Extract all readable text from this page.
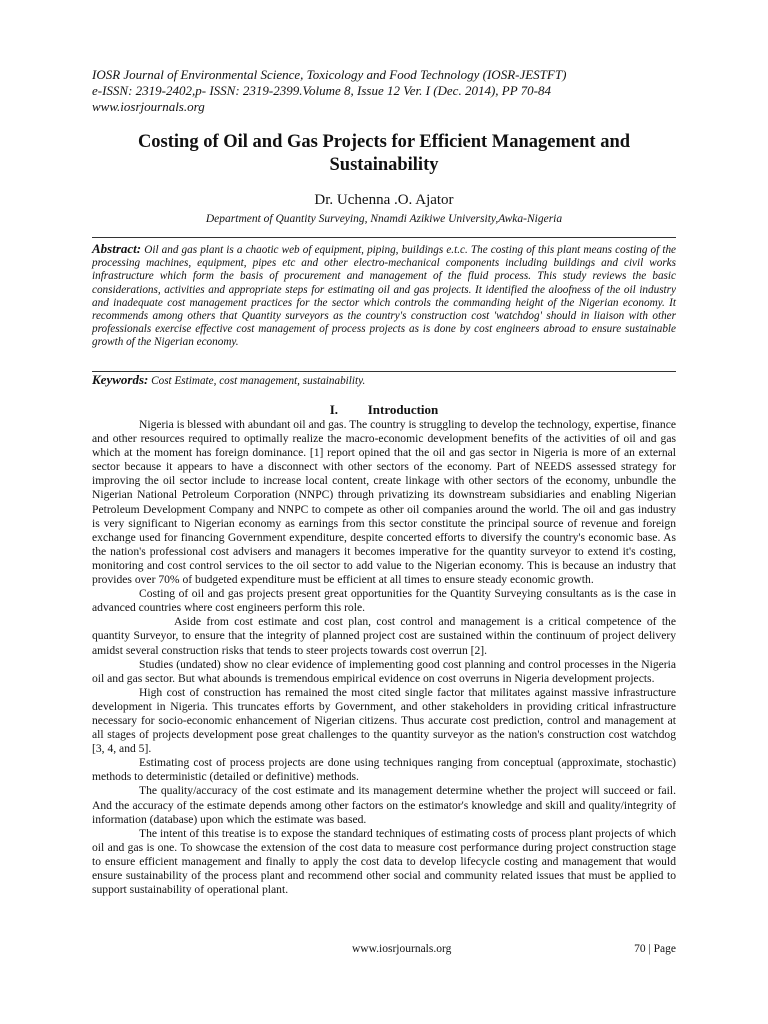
IOSR Journal of Environmental Science, Toxicology and Food Technology (IOSR-JESTFT)
e-ISSN: 2319-2402,p- ISSN: 2319-2399.Volume 8, Issue 12 Ver. I (Dec. 2014), PP 70-84
www.iosrjournals.org
Costing of Oil and Gas Projects for Efficient Management and Sustainability
Dr. Uchenna .O. Ajator
Department of Quantity Surveying, Nnamdi Azikiwe University,Awka-Nigeria

Abstract: Oil and gas plant is a chaotic web of equipment, piping, buildings e.t.c. The costing of this plant means costing of the processing machines, equipment, pipes etc and other electro-mechanical components including buildings and civil works infrastructure which form the basis of procurement and management of the fluid process. This study reviews the basic considerations, activities and appropriate steps for estimating oil and gas projects. It identified the aloofness of the oil industry and inadequate cost management practices for the sector which controls the commanding height of the Nigerian economy. It recommends among others that Quantity surveyors as the country's construction cost 'watchdog' should in liaison with other professionals exercise effective cost management of process projects as is done by cost engineers abroad to ensure sustainable growth of the Nigerian economy.

Keywords: Cost Estimate, cost management, sustainability.
I. Introduction

Nigeria is blessed with abundant oil and gas. The country is struggling to develop the technology, expertise, finance and other resources required to optimally realize the macro-economic development benefits of the activities of oil and gas which at the moment has foreign dominance. [1] report opined that the oil and gas sector in Nigeria is more of an external sector because it appears to have a disconnect with other sectors of the economy. Part of NEEDS assessed strategy for improving the oil sector include to increase local content, create linkage with other sectors of the economy, unbundle the Nigerian National Petroleum Corporation (NNPC) through privatizing its downstream subsidiaries and enabling Nigerian Petroleum Development Company and NNPC to compete as other oil companies around the world. The oil and gas industry is very significant to Nigerian economy as earnings from this sector constitute the principal source of revenue and foreign exchange used for financing Government expenditure, despite concerted efforts to diversify the country's economic base. As the nation's professional cost advisers and managers it becomes imperative for the quantity surveyor to extend it's costing, monitoring and cost control services to the oil sector to add value to the Nigerian economy. This is because an industry that provides over 70% of budgeted expenditure must be efficient at all times to ensure steady economic growth.

Costing of oil and gas projects present great opportunities for the Quantity Surveying consultants as is the case in advanced countries where cost engineers perform this role.

Aside from cost estimate and cost plan, cost control and management is a critical competence of the quantity Surveyor, to ensure that the integrity of planned project cost are sustained within the continuum of project delivery amidst several construction risks that tends to steer projects towards cost overrun [2].

Studies (undated) show no clear evidence of implementing good cost planning and control processes in the Nigeria oil and gas sector. But what abounds is tremendous empirical evidence on cost overruns in Nigeria development projects.

High cost of construction has remained the most cited single factor that militates against massive infrastructure development in Nigeria. This truncates efforts by Government, and other stakeholders in providing critical infrastructure necessary for socio-economic enhancement of Nigerian citizens. Thus accurate cost prediction, control and management at all stages of projects development pose great challenges to the quantity surveyor as the nation's construction cost watchdog [3, 4, and 5].

Estimating cost of process projects are done using techniques ranging from conceptual (approximate, stochastic) methods to deterministic (detailed or definitive) methods.

The quality/accuracy of the cost estimate and its management determine whether the project will succeed or fail. And the accuracy of the estimate depends among other factors on the estimator's knowledge and skill and quality/integrity of information (database) upon which the estimate was based.

The intent of this treatise is to expose the standard techniques of estimating costs of process plant projects of which oil and gas is one. To showcase the extension of the cost data to measure cost performance during project construction stage to ensure efficient management and finally to apply the cost data to develop lifecycle costing and management that would ensure sustainability of the process plant and recommend other social and community related issues that must be applied to support sustainability of operational plant.

www.iosrjournals.org	70 | Page
